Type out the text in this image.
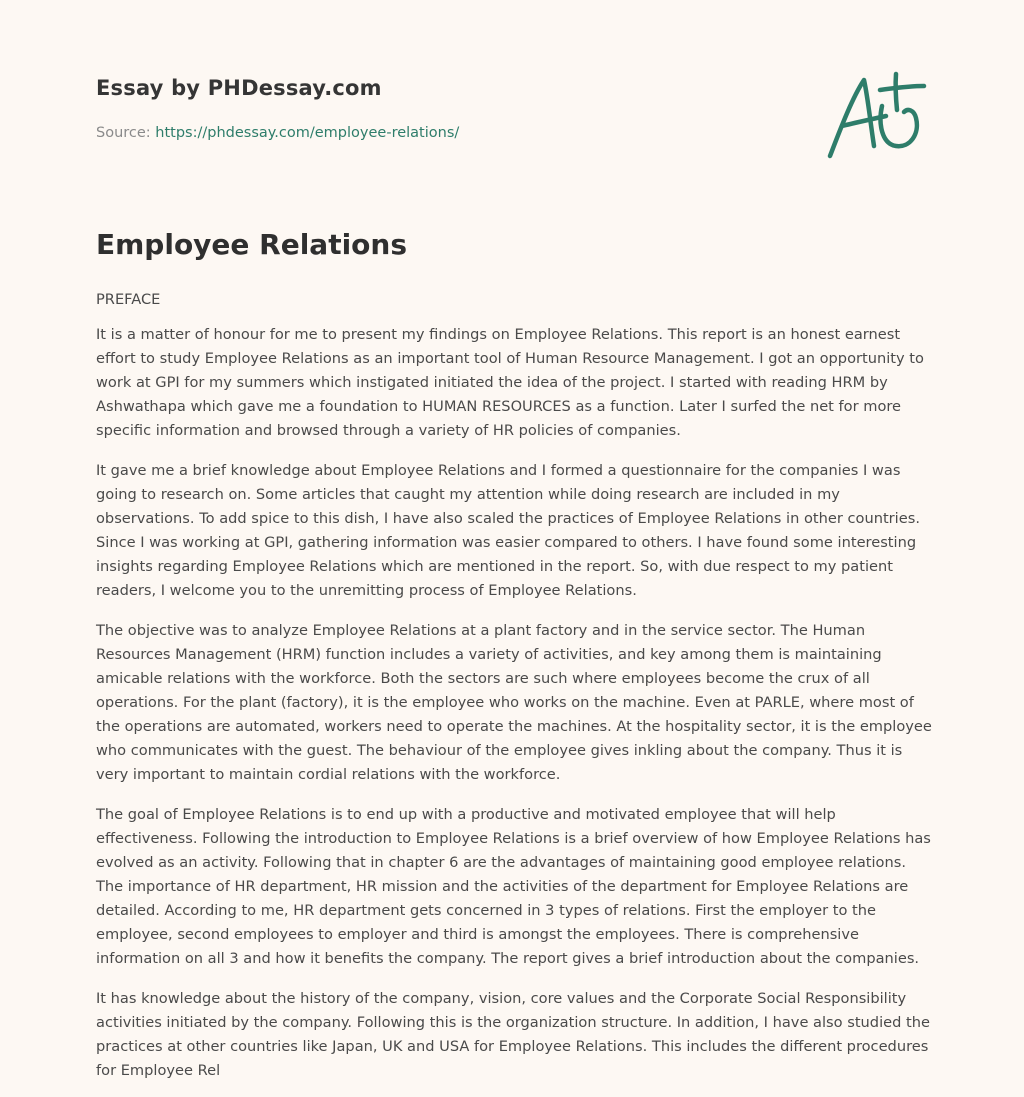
Essay by PHDessay.com
Source: https://phdessay.com/employee-relations/
Employee Relations

PREFACE

It is a matter of honour for me to present my findings on Employee Relations. This report is an honest earnest effort to study Employee Relations as an important tool of Human Resource Management. I got an opportunity to work at GPI for my summers which instigated initiated the idea of the project. I started with reading HRM by Ashwathapa which gave me a foundation to HUMAN RESOURCES as a function. Later I surfed the net for more specific information and browsed through a variety of HR policies of companies.

It gave me a brief knowledge about Employee Relations and I formed a questionnaire for the companies I was going to research on. Some articles that caught my attention while doing research are included in my observations. To add spice to this dish, I have also scaled the practices of Employee Relations in other countries. Since I was working at GPI, gathering information was easier compared to others. I have found some interesting insights regarding Employee Relations which are mentioned in the report. So, with due respect to my patient readers, I welcome you to the unremitting process of Employee Relations.

The objective was to analyze Employee Relations at a plant factory and in the service sector. The Human Resources Management (HRM) function includes a variety of activities, and key among them is maintaining amicable relations with the workforce. Both the sectors are such where employees become the crux of all operations. For the plant (factory), it is the employee who works on the machine. Even at PARLE, where most of the operations are automated, workers need to operate the machines. At the hospitality sector, it is the employee who communicates with the guest. The behaviour of the employee gives inkling about the company. Thus it is very important to maintain cordial relations with the workforce.

The goal of Employee Relations is to end up with a productive and motivated employee that will help effectiveness. Following the introduction to Employee Relations is a brief overview of how Employee Relations has evolved as an activity. Following that in chapter 6 are the advantages of maintaining good employee relations. The importance of HR department, HR mission and the activities of the department for Employee Relations are detailed. According to me, HR department gets concerned in 3 types of relations. First the employer to the employee, second employees to employer and third is amongst the employees. There is comprehensive information on all 3 and how it benefits the company. The report gives a brief introduction about the companies.

It has knowledge about the history of the company, vision, core values and the Corporate Social Responsibility activities initiated by the company. Following this is the organization structure. In addition, I have also studied the practices at other countries like Japan, UK and USA for Employee Relations. This includes the different procedures for Employee Rel
